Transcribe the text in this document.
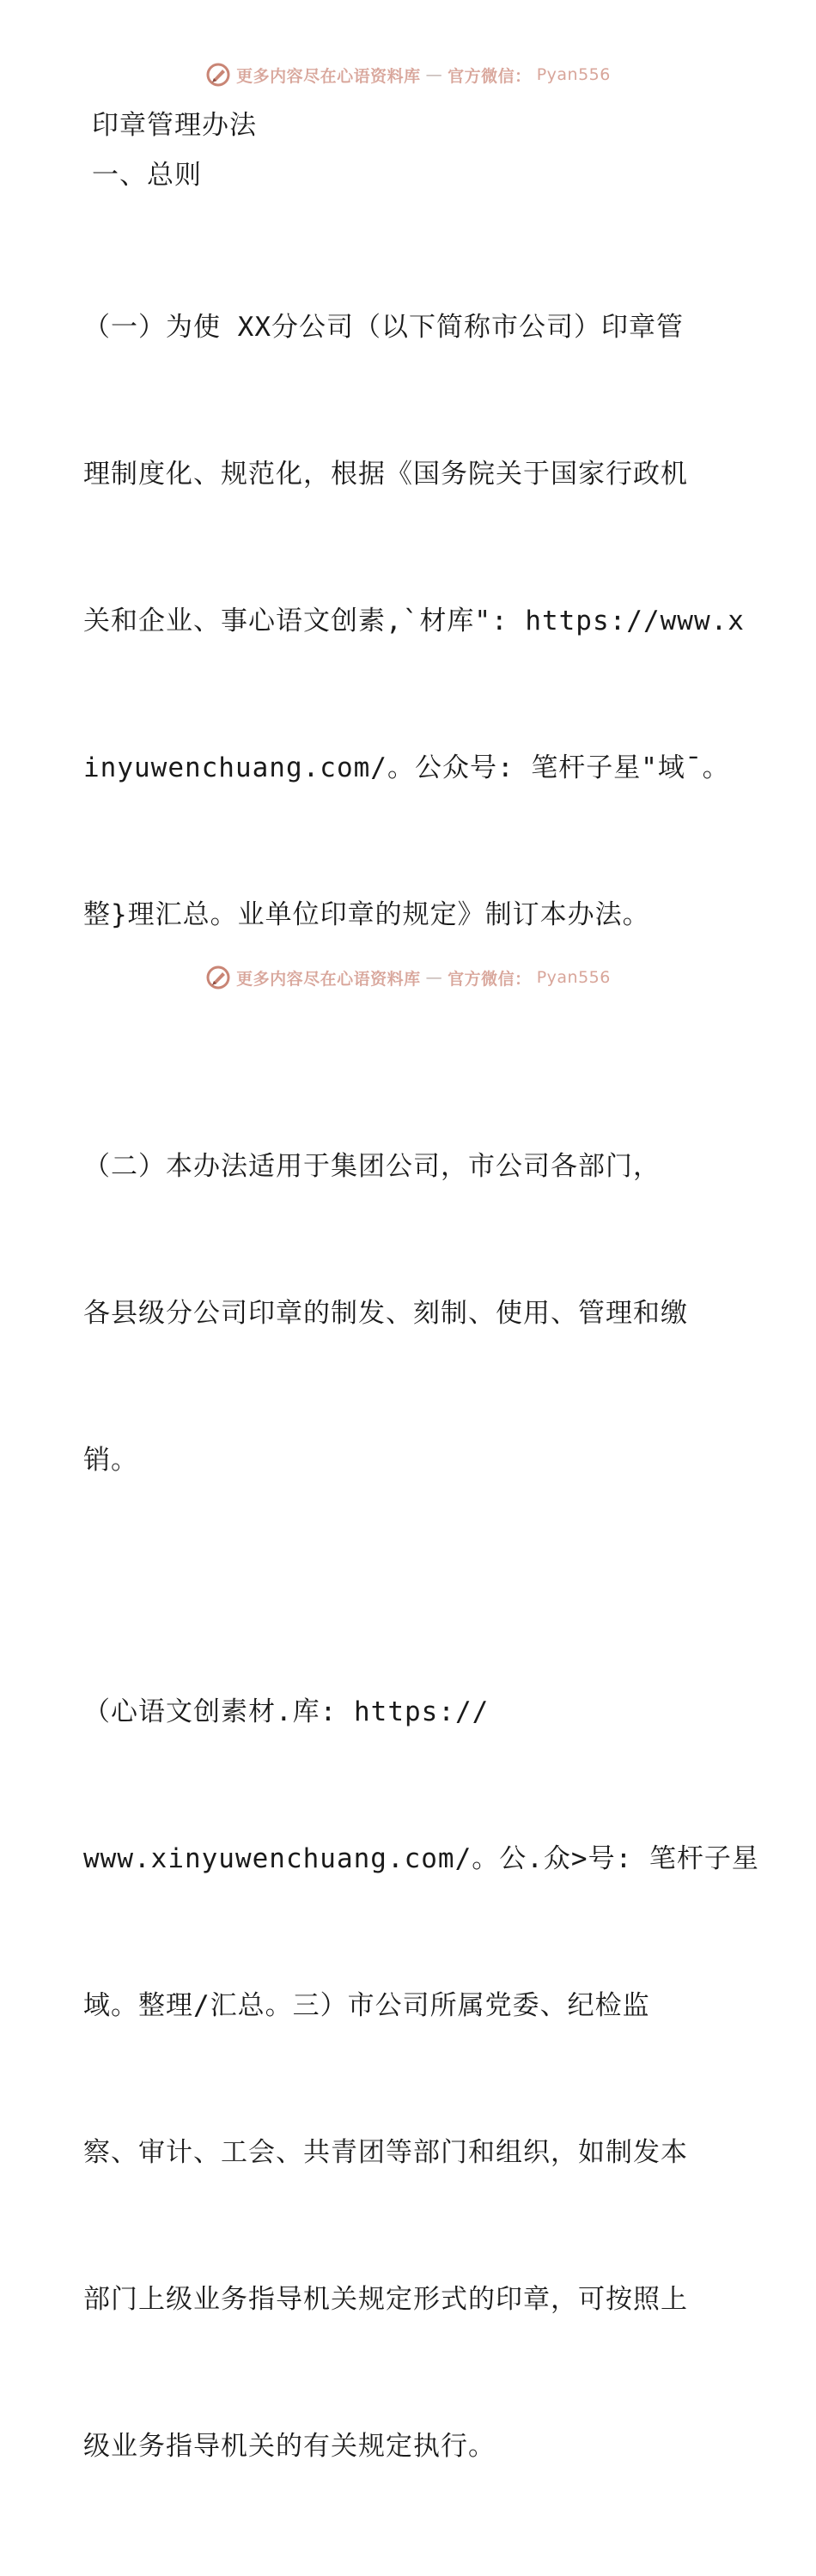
更多内容尽在心语资料库 — 官方微信： Pyan556

印章管理办法

一、总则

（一）为使 XX分公司（以下简称市公司）印章管

理制度化、规范化，根据《国务院关于国家行政机

关和企业、事心语文创素,`材库": https://www.x

inyuwenchuang.com/。公众号: 笔杆子星"域¯。

整}理汇总。业单位印章的规定》制订本办法。

（二）本办法适用于集团公司，市公司各部门，

各县级分公司印章的制发、刻制、使用、管理和缴

销。

（心语文创素材.库: https://

www.xinyuwenchuang.com/。公.众>号: 笔杆子星

域。整理/汇总。三）市公司所属党委、纪检监

察、审计、工会、共青团等部门和组织，如制发本

部门上级业务指导机关规定形式的印章，可按照上

级业务指导机关的有关规定执行。

更多内容尽在心语资料库 — 官方微信： Pyan556
